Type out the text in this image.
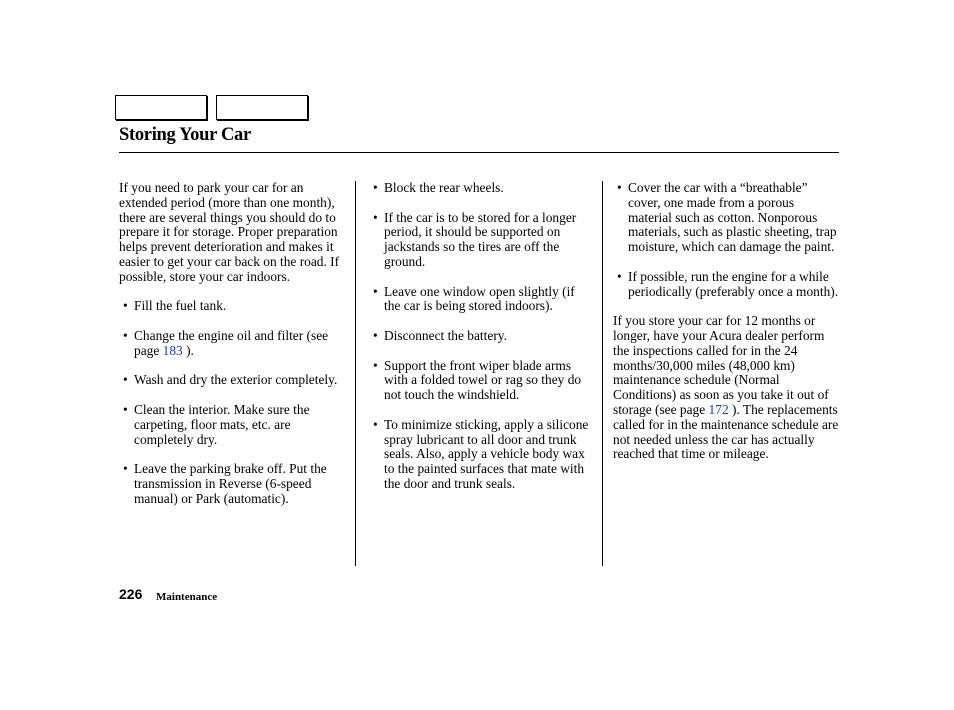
Storing Your Car

If you need to park your car for an extended period (more than one month), there are several things you should do to prepare it for storage. Proper preparation helps prevent deterioration and makes it easier to get your car back on the road. If possible, store your car indoors.

• Fill the fuel tank.
• Change the engine oil and filter (see page 183 ).
• Wash and dry the exterior completely.
• Clean the interior. Make sure the carpeting, floor mats, etc. are completely dry.
• Leave the parking brake off. Put the transmission in Reverse (6-speed manual) or Park (automatic).
• Block the rear wheels.
• If the car is to be stored for a longer period, it should be supported on jackstands so the tires are off the ground.
• Leave one window open slightly (if the car is being stored indoors).
• Disconnect the battery.
• Support the front wiper blade arms with a folded towel or rag so they do not touch the windshield.
• To minimize sticking, apply a silicone spray lubricant to all door and trunk seals. Also, apply a vehicle body wax to the painted surfaces that mate with the door and trunk seals.
• Cover the car with a “breathable” cover, one made from a porous material such as cotton. Nonporous materials, such as plastic sheeting, trap moisture, which can damage the paint.
• If possible, run the engine for a while periodically (preferably once a month).

If you store your car for 12 months or longer, have your Acura dealer perform the inspections called for in the 24 months/30,000 miles (48,000 km) maintenance schedule (Normal Conditions) as soon as you take it out of storage (see page 172 ). The replacements called for in the maintenance schedule are not needed unless the car has actually reached that time or mileage.

226 Maintenance
